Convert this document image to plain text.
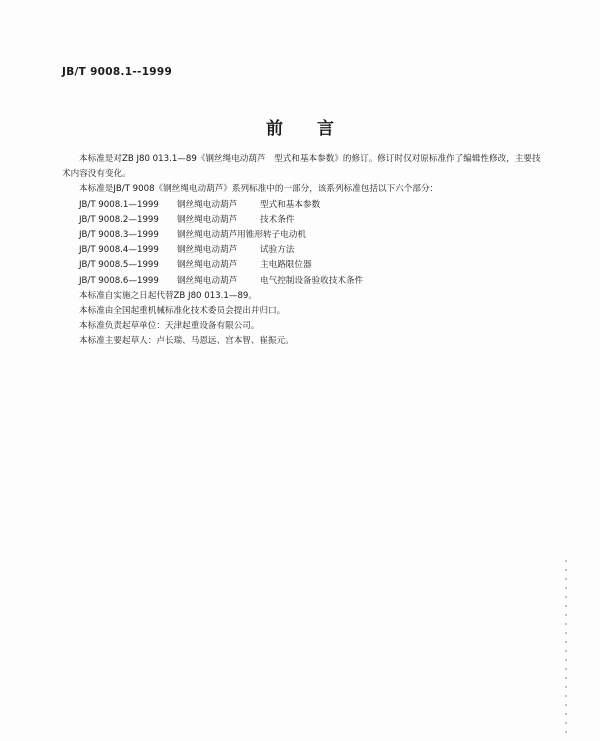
JB/T 9008.1--1999
前 言

本标准是对ZB J80 013.1—89《钢丝绳电动葫芦　型式和基本参数》的修订。修订时仅对原标准作了编辑性修改，主要技术内容没有变化。

本标准是JB/T 9008《钢丝绳电动葫芦》系列标准中的一部分，该系列标准包括以下六个部分：

JB/T 9008.1—1999 钢丝绳电动葫芦	型式和基本参数

JB/T 9008.2—1999 钢丝绳电动葫芦	技术条件

JB/T 9008.3—1999 钢丝绳电动葫芦用锥形转子电动机

JB/T 9008.4—1999 钢丝绳电动葫芦	试验方法

JB/T 9008.5—1999 钢丝绳电动葫芦	主电路限位器

JB/T 9008.6—1999 钢丝绳电动葫芦	电气控制设备验收技术条件

本标准自实施之日起代替ZB J80 013.1—89。

本标准由全国起重机械标准化技术委员会提出并归口。

本标准负责起草单位：天津起重设备有限公司。

本标准主要起草人：卢长瑞、马恩远、宫本智、崔振元。
